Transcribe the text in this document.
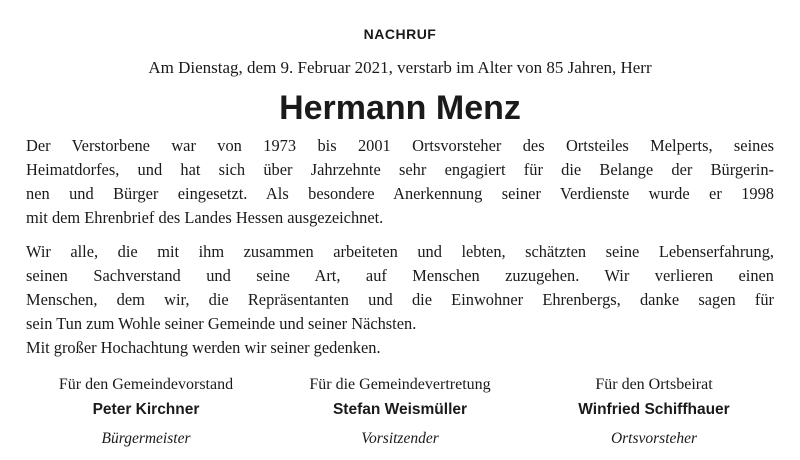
NACHRUF
Am Dienstag, dem 9. Februar 2021, verstarb im Alter von 85 Jahren, Herr
Hermann Menz
Der Verstorbene war von 1973 bis 2001 Ortsvorsteher des Ortsteiles Melperts, seines
Heimatdorfes, und hat sich über Jahrzehnte sehr engagiert für die Belange der Bürgerin-
nen und Bürger eingesetzt. Als besondere Anerkennung seiner Verdienste wurde er 1998
mit dem Ehrenbrief des Landes Hessen ausgezeichnet.
Wir alle, die mit ihm zusammen arbeiteten und lebten, schätzten seine Lebenserfahrung,
seinen Sachverstand und seine Art, auf Menschen zuzugehen. Wir verlieren einen
Menschen, dem wir, die Repräsentanten und die Einwohner Ehrenbergs, danke sagen für
sein Tun zum Wohle seiner Gemeinde und seiner Nächsten.
Mit großer Hochachtung werden wir seiner gedenken.
Für den Gemeindevorstand
Peter Kirchner
Bürgermeister
Für die Gemeindevertretung
Stefan Weismüller
Vorsitzender
Für den Ortsbeirat
Winfried Schiffhauer
Ortsvorsteher
